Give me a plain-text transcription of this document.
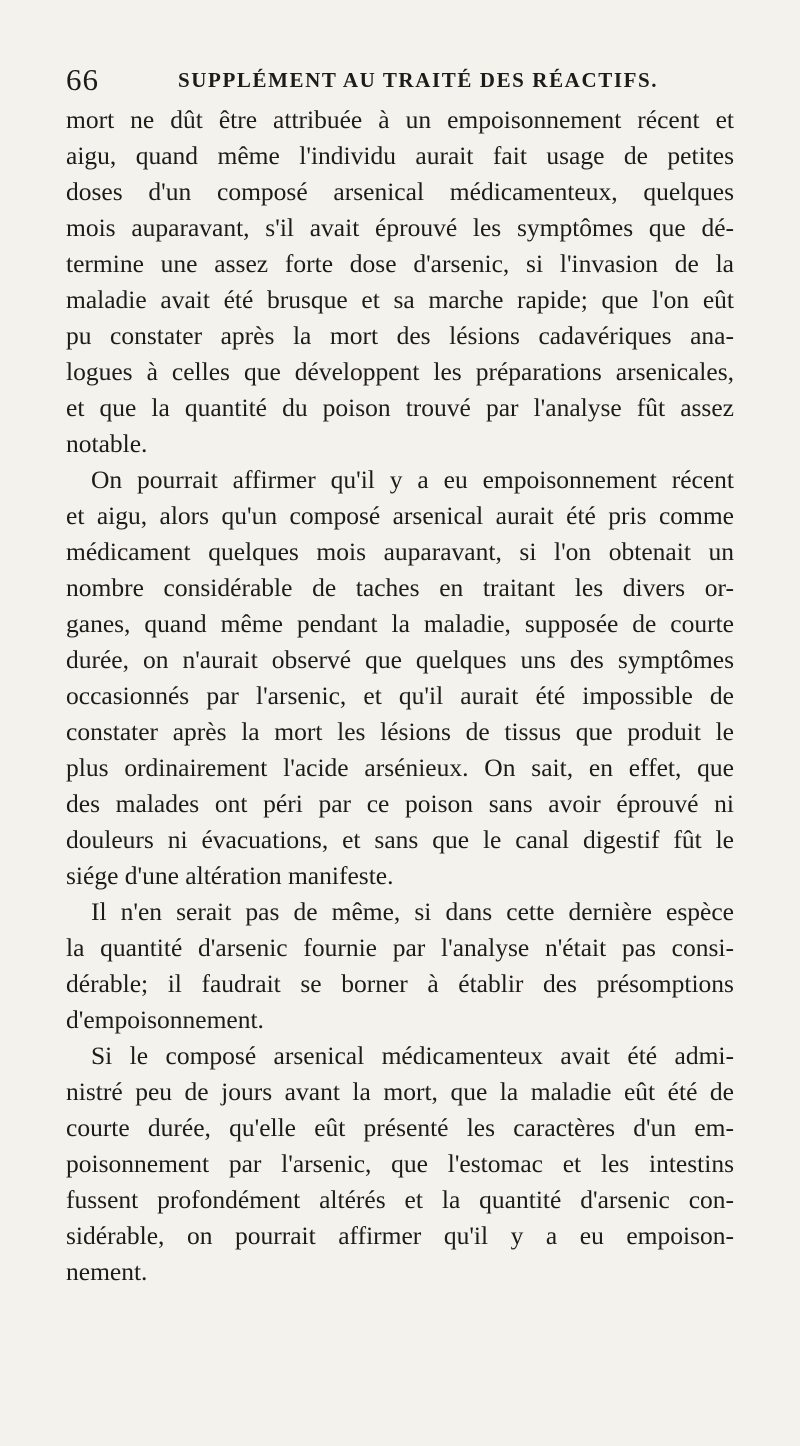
66	SUPPLÉMENT AU TRAITÉ DES RÉACTIFS.
mort ne dût être attribuée à un empoisonnement récent et
aigu, quand même l'individu aurait fait usage de petites
doses d'un composé arsenical médicamenteux, quelques
mois auparavant, s'il avait éprouvé les symptômes que dé-
termine une assez forte dose d'arsenic, si l'invasion de la
maladie avait été brusque et sa marche rapide; que l'on eût
pu constater après la mort des lésions cadavériques ana-
logues à celles que développent les préparations arsenicales,
et que la quantité du poison trouvé par l'analyse fût assez
notable.
On pourrait affirmer qu'il y a eu empoisonnement récent
et aigu, alors qu'un composé arsenical aurait été pris comme
médicament quelques mois auparavant, si l'on obtenait un
nombre considérable de taches en traitant les divers or-
ganes, quand même pendant la maladie, supposée de courte
durée, on n'aurait observé que quelques uns des symptômes
occasionnés par l'arsenic, et qu'il aurait été impossible de
constater après la mort les lésions de tissus que produit le
plus ordinairement l'acide arsénieux. On sait, en effet, que
des malades ont péri par ce poison sans avoir éprouvé ni
douleurs ni évacuations, et sans que le canal digestif fût le
siége d'une altération manifeste.
Il n'en serait pas de même, si dans cette dernière espèce
la quantité d'arsenic fournie par l'analyse n'était pas consi-
dérable; il faudrait se borner à établir des présomptions
d'empoisonnement.
Si le composé arsenical médicamenteux avait été admi-
nistré peu de jours avant la mort, que la maladie eût été de
courte durée, qu'elle eût présenté les caractères d'un em-
poisonnement par l'arsenic, que l'estomac et les intestins
fussent profondément altérés et la quantité d'arsenic con-
sidérable, on pourrait affirmer qu'il y a eu empoison-
nement.
